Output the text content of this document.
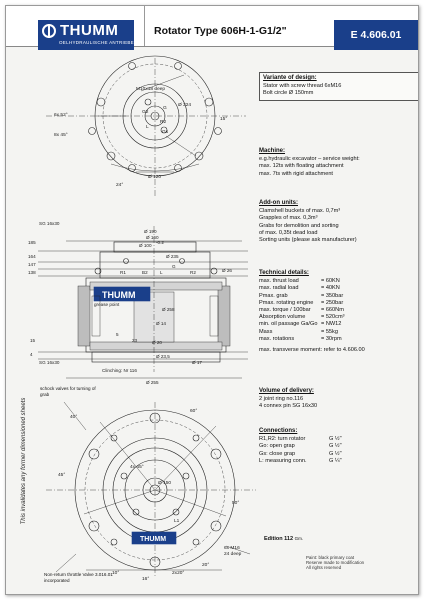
THUMM
OELHYDRAULISCHE ANTRIEBE
Rotator Type 606H-1-G1/2"	E 4.606.01
M10x18 deep
Ø 224
G2
G
Gs
R2
L
Ø 120
15°
6x 52°
8x 45°
24°
SG 16x30
185
164
147
138
Ø 190
Ø 100
-0.2
Ø 160
R1	B2	L
G
Ø 235
R2	Ø 26
grease point
Ø 258
Ø 14
5
23	Ø 20
15
4
SG 16x30
Clinching: Nr 116
Ø 23,5
Ø 17
Ø 255
THUMM
40°
60°
45°
50°
6x M16
24 deep
Ø 150
4x 45°
L1
10°
16°
2x20°
20°
THUMM
schock valves for turning of grab
Non-return throttle Valve 3.016.01 incorporated
Variante of design:
Stator with screw thread 6xM16
Bolt circle Ø 150mm
Machine:
e.g.hydraulic excavator – service weight:
max. 12ts with floating attachment
max. 7ts with rigid attachment
Add-on units:
Clamshell buckets of max. 0,7m³
Grapples of max. 0,3m³
Grabs for demolition and sorting
of max. 0,35t dead load
Sorting units (please ask manufacturer)
Technical details:
max. thrust load	= 60KN
max. radial load	= 40KN
Pmax. grab	= 350bar
Pmax. rotating engine	= 250bar
max. torque / 100bar	= 660Nm
Absorption volume	= 520cm³
min. oil passage Ga/Go = NW12
Mass	= 55kg
max. rotations	= 30rpm
max. transverse moment: refer to 4.606.00
Volume of delivery:
2 joint ring no.116
4 connex pin SG 16x30
Connections:
R1,R2: turn rotator	G ½"
Go: open grap	G ½"
Gs: close grap	G ½"
L: measuring conn.	G ¼"
Edition 112 Gm.
Paint: black primary coat
Reserve made to modification
All rights reserved
This invalidates any former dimensioned sheets
